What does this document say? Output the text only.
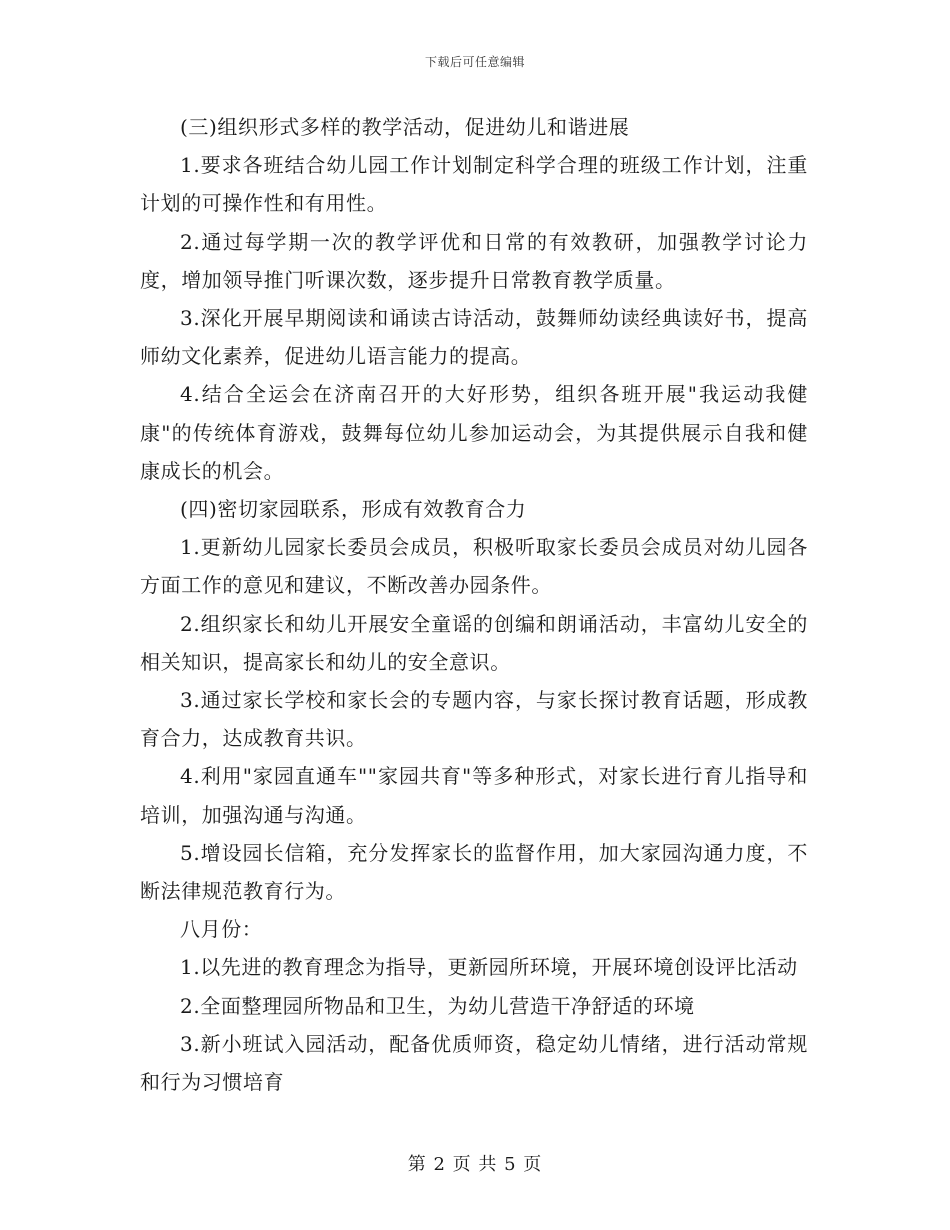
下载后可任意编辑

(三)组织形式多样的教学活动，促进幼儿和谐进展

1.要求各班结合幼儿园工作计划制定科学合理的班级工作计划，注重计划的可操作性和有用性。

2.通过每学期一次的教学评优和日常的有效教研，加强教学讨论力度，增加领导推门听课次数，逐步提升日常教育教学质量。

3.深化开展早期阅读和诵读古诗活动，鼓舞师幼读经典读好书，提高师幼文化素养，促进幼儿语言能力的提高。

4.结合全运会在济南召开的大好形势，组织各班开展"我运动我健康"的传统体育游戏，鼓舞每位幼儿参加运动会，为其提供展示自我和健康成长的机会。

(四)密切家园联系，形成有效教育合力

1.更新幼儿园家长委员会成员，积极听取家长委员会成员对幼儿园各方面工作的意见和建议，不断改善办园条件。

2.组织家长和幼儿开展安全童谣的创编和朗诵活动，丰富幼儿安全的相关知识，提高家长和幼儿的安全意识。

3.通过家长学校和家长会的专题内容，与家长探讨教育话题，形成教育合力，达成教育共识。

4.利用"家园直通车""家园共育"等多种形式，对家长进行育儿指导和培训，加强沟通与沟通。

5.增设园长信箱，充分发挥家长的监督作用，加大家园沟通力度，不断法律规范教育行为。

八月份：

1.以先进的教育理念为指导，更新园所环境，开展环境创设评比活动

2.全面整理园所物品和卫生，为幼儿营造干净舒适的环境

3.新小班试入园活动，配备优质师资，稳定幼儿情绪，进行活动常规和行为习惯培育

第 2 页 共 5 页
